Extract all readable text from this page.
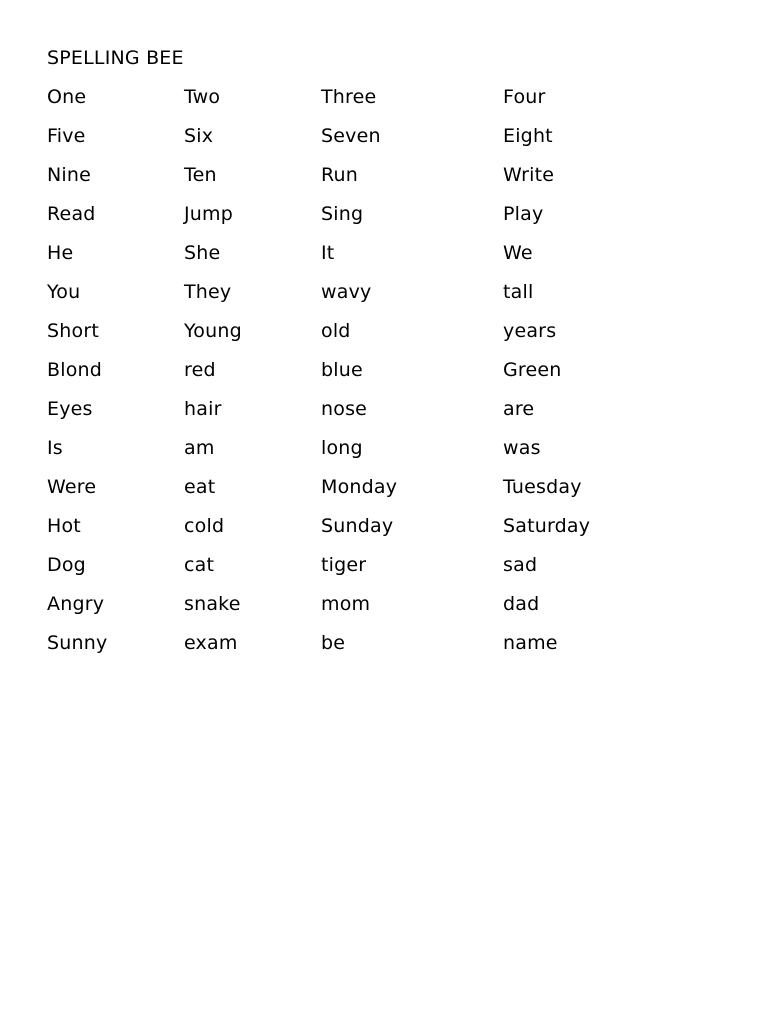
SPELLING BEE
One	Two	Three	Four
Five	Six	Seven	Eight
Nine	Ten	Run	Write
Read	Jump	Sing	Play
He	She	It	We
You	They	wavy	tall
Short	Young	old	years
Blond	red	blue	Green
Eyes	hair	nose	are
Is	am	long	was
Were	eat	Monday	Tuesday
Hot	cold	Sunday	Saturday
Dog	cat	tiger	sad
Angry	snake	mom	dad
Sunny	exam	be	name
